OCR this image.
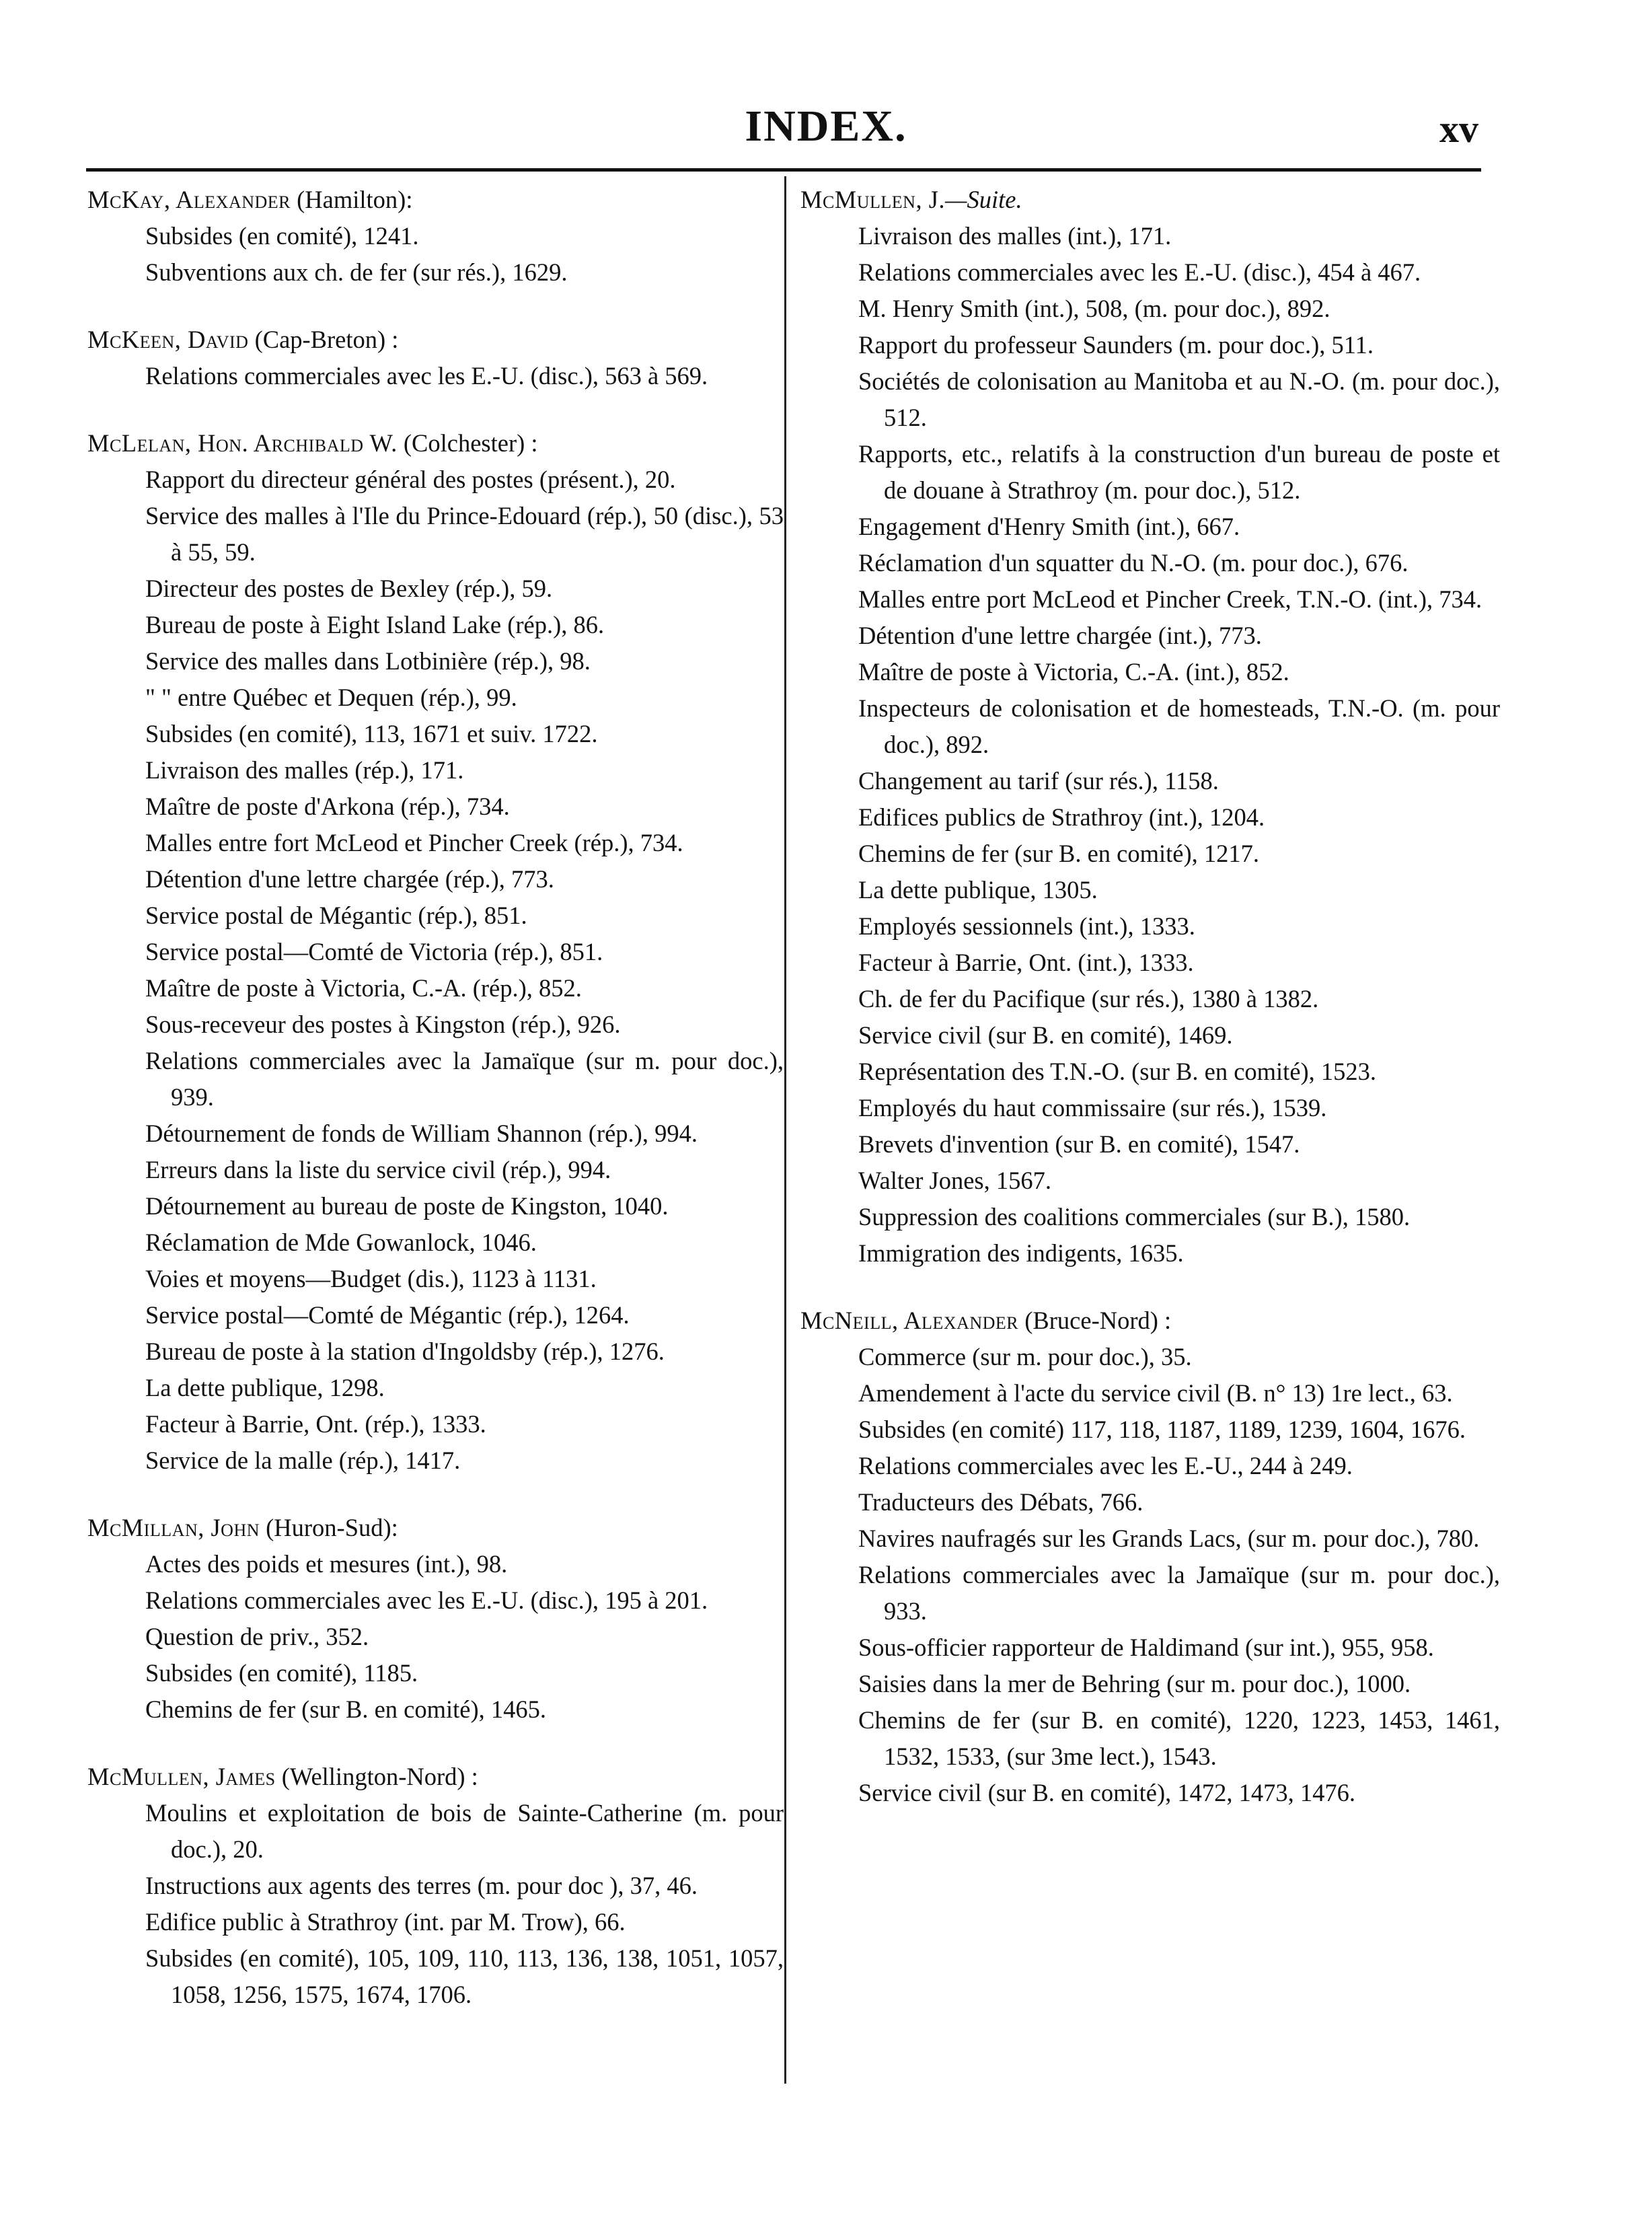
INDEX.	xv
McKay, Alexander (Hamilton):
Subsides (en comité), 1241.
Subventions aux ch. de fer (sur rés.), 1629.
McKeen, David (Cap-Breton) :
Relations commerciales avec les E.-U. (disc.), 563 à 569.
McLelan, Hon. Archibald W. (Colchester) :
Rapport du directeur général des postes (présent.), 20.
Service des malles à l'Ile du Prince-Edouard (rép.), 50 (disc.), 53 à 55, 59.
Directeur des postes de Bexley (rép.), 59.
Bureau de poste à Eight Island Lake (rép.), 86.
Service des malles dans Lotbinière (rép.), 98.
" " entre Québec et Dequen (rép.), 99.
Subsides (en comité), 113, 1671 et suiv. 1722.
Livraison des malles (rép.), 171.
Maître de poste d'Arkona (rép.), 734.
Malles entre fort McLeod et Pincher Creek (rép.), 734.
Détention d'une lettre chargée (rép.), 773.
Service postal de Mégantic (rép.), 851.
Service postal—Comté de Victoria (rép.), 851.
Maître de poste à Victoria, C.-A. (rép.), 852.
Sous-receveur des postes à Kingston (rép.), 926.
Relations commerciales avec la Jamaïque (sur m. pour doc.), 939.
Détournement de fonds de William Shannon (rép.), 994.
Erreurs dans la liste du service civil (rép.), 994.
Détournement au bureau de poste de Kingston, 1040.
Réclamation de Mde Gowanlock, 1046.
Voies et moyens—Budget (dis.), 1123 à 1131.
Service postal—Comté de Mégantic (rép.), 1264.
Bureau de poste à la station d'Ingoldsby (rép.), 1276.
La dette publique, 1298.
Facteur à Barrie, Ont. (rép.), 1333.
Service de la malle (rép.), 1417.
McMillan, John (Huron-Sud):
Actes des poids et mesures (int.), 98.
Relations commerciales avec les E.-U. (disc.), 195 à 201.
Question de priv., 352.
Subsides (en comité), 1185.
Chemins de fer (sur B. en comité), 1465.
McMullen, James (Wellington-Nord) :
Moulins et exploitation de bois de Sainte-Catherine (m. pour doc.), 20.
Instructions aux agents des terres (m. pour doc ), 37, 46.
Edifice public à Strathroy (int. par M. Trow), 66.
Subsides (en comité), 105, 109, 110, 113, 136, 138, 1051, 1057, 1058, 1256, 1575, 1674, 1706.
McMullen, J.—Suite.
Livraison des malles (int.), 171.
Relations commerciales avec les E.-U. (disc.), 454 à 467.
M. Henry Smith (int.), 508, (m. pour doc.), 892.
Rapport du professeur Saunders (m. pour doc.), 511.
Sociétés de colonisation au Manitoba et au N.-O. (m. pour doc.), 512.
Rapports, etc., relatifs à la construction d'un bureau de poste et de douane à Strathroy (m. pour doc.), 512.
Engagement d'Henry Smith (int.), 667.
Réclamation d'un squatter du N.-O. (m. pour doc.), 676.
Malles entre port McLeod et Pincher Creek, T.N.-O. (int.), 734.
Détention d'une lettre chargée (int.), 773.
Maître de poste à Victoria, C.-A. (int.), 852.
Inspecteurs de colonisation et de homesteads, T.N.-O. (m. pour doc.), 892.
Changement au tarif (sur rés.), 1158.
Edifices publics de Strathroy (int.), 1204.
Chemins de fer (sur B. en comité), 1217.
La dette publique, 1305.
Employés sessionnels (int.), 1333.
Facteur à Barrie, Ont. (int.), 1333.
Ch. de fer du Pacifique (sur rés.), 1380 à 1382.
Service civil (sur B. en comité), 1469.
Représentation des T.N.-O. (sur B. en comité), 1523.
Employés du haut commissaire (sur rés.), 1539.
Brevets d'invention (sur B. en comité), 1547.
Walter Jones, 1567.
Suppression des coalitions commerciales (sur B.), 1580.
Immigration des indigents, 1635.
McNeill, Alexander (Bruce-Nord) :
Commerce (sur m. pour doc.), 35.
Amendement à l'acte du service civil (B. n° 13) 1re lect., 63.
Subsides (en comité) 117, 118, 1187, 1189, 1239, 1604, 1676.
Relations commerciales avec les E.-U., 244 à 249.
Traducteurs des Débats, 766.
Navires naufragés sur les Grands Lacs, (sur m. pour doc.), 780.
Relations commerciales avec la Jamaïque (sur m. pour doc.), 933.
Sous-officier rapporteur de Haldimand (sur int.), 955, 958.
Saisies dans la mer de Behring (sur m. pour doc.), 1000.
Chemins de fer (sur B. en comité), 1220, 1223, 1453, 1461, 1532, 1533, (sur 3me lect.), 1543.
Service civil (sur B. en comité), 1472, 1473, 1476.
